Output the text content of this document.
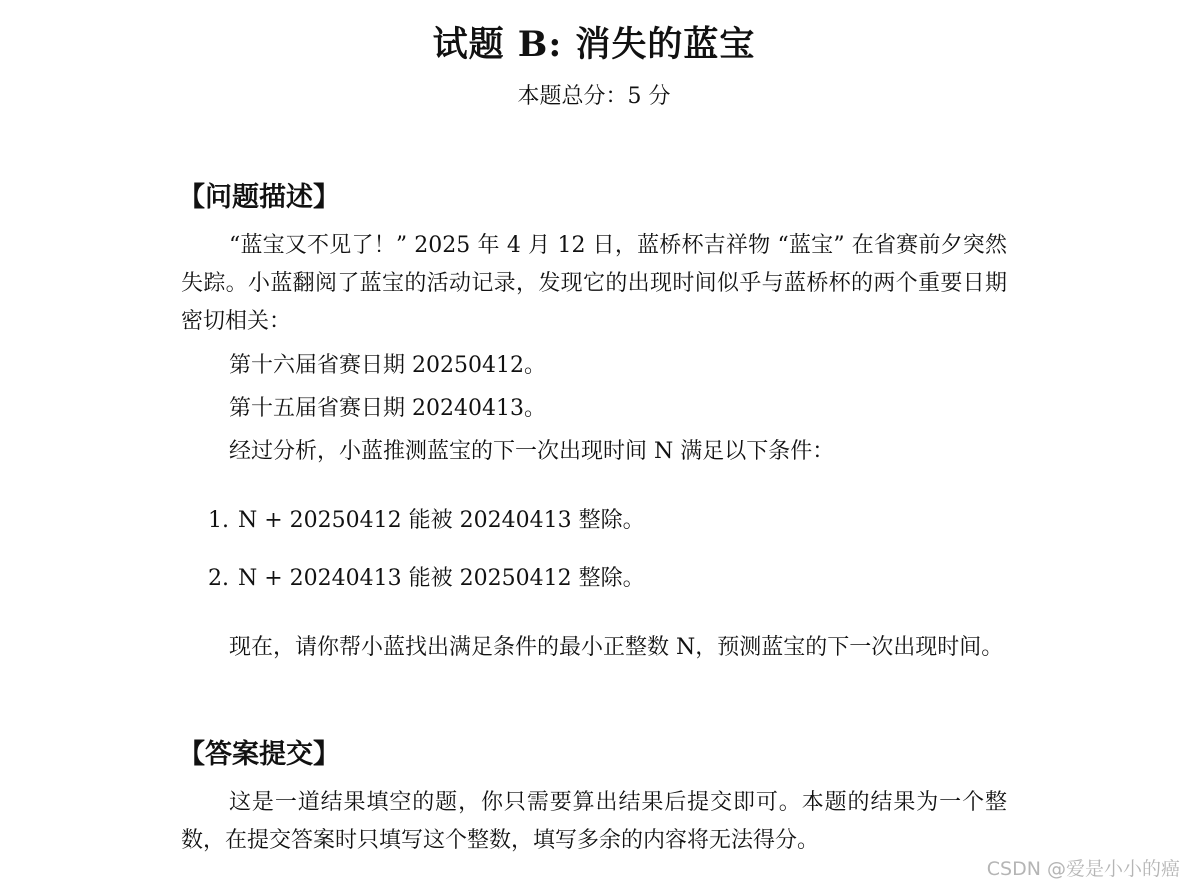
试题 B: 消失的蓝宝
本题总分：5 分
【问题描述】
“蓝宝又不见了！” 2025 年 4 月 12 日，蓝桥杯吉祥物 “蓝宝” 在省赛前夕突然失踪。小蓝翻阅了蓝宝的活动记录，发现它的出现时间似乎与蓝桥杯的两个重要日期密切相关：
第十六届省赛日期 20250412。
第十五届省赛日期 20240413。
经过分析，小蓝推测蓝宝的下一次出现时间 N 满足以下条件：
1. N + 20250412 能被 20240413 整除。
2. N + 20240413 能被 20250412 整除。
现在，请你帮小蓝找出满足条件的最小正整数 N，预测蓝宝的下一次出现时间。
【答案提交】
这是一道结果填空的题，你只需要算出结果后提交即可。本题的结果为一个整数，在提交答案时只填写这个整数，填写多余的内容将无法得分。
CSDN @爱是小小的癌
